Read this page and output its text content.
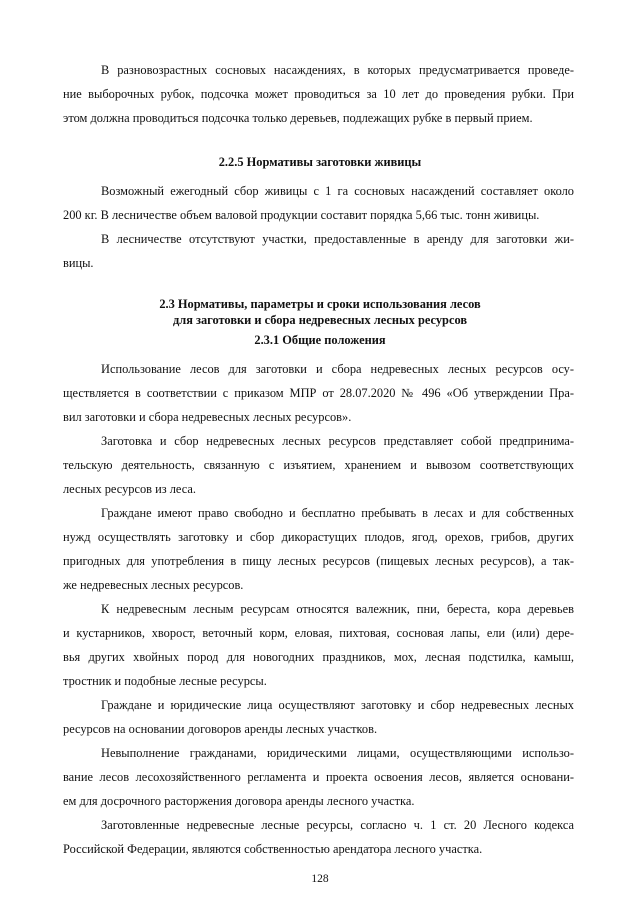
В разновозрастных сосновых насаждениях, в которых предусматривается проведе-
ние выборочных рубок, подсочка может проводиться за 10 лет до проведения рубки. При
этом должна проводиться подсочка только деревьев, подлежащих рубке в первый прием.
2.2.5 Нормативы заготовки живицы
Возможный ежегодный сбор живицы с 1 га сосновых насаждений составляет около
200 кг. В лесничестве объем валовой продукции составит порядка 5,66 тыс. тонн живицы.
В лесничестве отсутствуют участки, предоставленные в аренду для заготовки жи-
вицы.
2.3 Нормативы, параметры и сроки использования лесов
для заготовки и сбора недревесных лесных ресурсов
2.3.1 Общие положения
Использование лесов для заготовки и сбора недревесных лесных ресурсов осу-
ществляется в соответствии с приказом МПР от 28.07.2020 № 496 «Об утверждении Пра-
вил заготовки и сбора недревесных лесных ресурсов».
Заготовка и сбор недревесных лесных ресурсов представляет собой предпринима-
тельскую деятельность, связанную с изъятием, хранением и вывозом соответствующих
лесных ресурсов из леса.
Граждане имеют право свободно и бесплатно пребывать в лесах и для собственных
нужд осуществлять заготовку и сбор дикорастущих плодов, ягод, орехов, грибов, других
пригодных для употребления в пищу лесных ресурсов (пищевых лесных ресурсов), а так-
же недревесных лесных ресурсов.
К недревесным лесным ресурсам относятся валежник, пни, береста, кора деревьев
и кустарников, хворост, веточный корм, еловая, пихтовая, сосновая лапы, ели (или) дере-
вья других хвойных пород для новогодних праздников, мох, лесная подстилка, камыш,
тростник и подобные лесные ресурсы.
Граждане и юридические лица осуществляют заготовку и сбор недревесных лесных
ресурсов на основании договоров аренды лесных участков.
Невыполнение гражданами, юридическими лицами, осуществляющими использо-
вание лесов лесохозяйственного регламента и проекта освоения лесов, является основани-
ем для досрочного расторжения договора аренды лесного участка.
Заготовленные недревесные лесные ресурсы, согласно ч. 1 ст. 20 Лесного кодекса
Российской Федерации, являются собственностью арендатора лесного участка.
128
